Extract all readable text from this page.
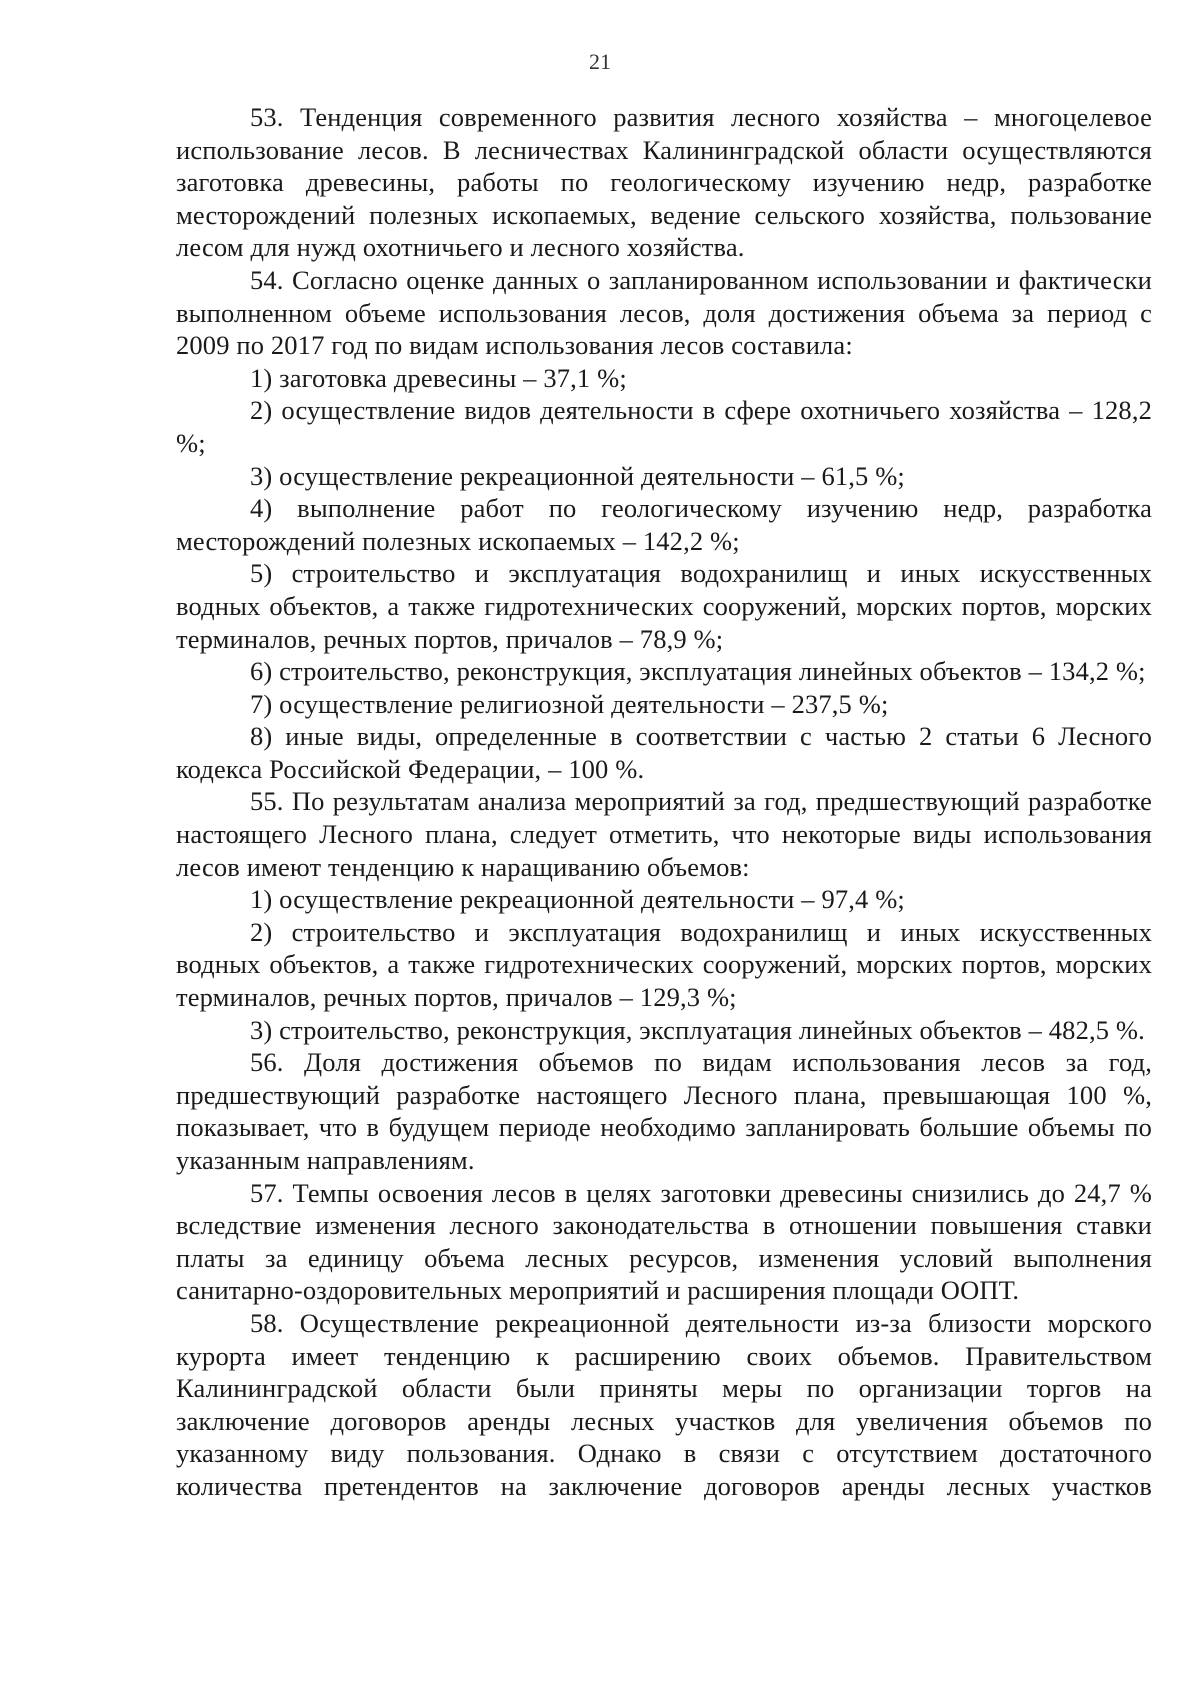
21

53. Тенденция современного развития лесного хозяйства – многоцелевое использование лесов. В лесничествах Калининградской области осуществляются заготовка древесины, работы по геологическому изучению недр, разработке месторождений полезных ископаемых, ведение сельского хозяйства, пользование лесом для нужд охотничьего и лесного хозяйства.

54. Согласно оценке данных о запланированном использовании и фактически выполненном объеме использования лесов, доля достижения объема за период с 2009 по 2017 год по видам использования лесов составила:

1) заготовка древесины – 37,1 %;

2) осуществление видов деятельности в сфере охотничьего хозяйства – 128,2 %;

3) осуществление рекреационной деятельности – 61,5 %;

4) выполнение работ по геологическому изучению недр, разработка месторождений полезных ископаемых – 142,2 %;

5) строительство и эксплуатация водохранилищ и иных искусственных водных объектов, а также гидротехнических сооружений, морских портов, морских терминалов, речных портов, причалов – 78,9 %;

6) строительство, реконструкция, эксплуатация линейных объектов – 134,2 %;

7) осуществление религиозной деятельности – 237,5 %;

8) иные виды, определенные в соответствии с частью 2 статьи 6 Лесного кодекса Российской Федерации, – 100 %.

55. По результатам анализа мероприятий за год, предшествующий разработке настоящего Лесного плана, следует отметить, что некоторые виды использования лесов имеют тенденцию к наращиванию объемов:

1) осуществление рекреационной деятельности – 97,4 %;

2) строительство и эксплуатация водохранилищ и иных искусственных водных объектов, а также гидротехнических сооружений, морских портов, морских терминалов, речных портов, причалов – 129,3 %;

3) строительство, реконструкция, эксплуатация линейных объектов – 482,5 %.

56. Доля достижения объемов по видам использования лесов за год, предшествующий разработке настоящего Лесного плана, превышающая 100 %, показывает, что в будущем периоде необходимо запланировать большие объемы по указанным направлениям.

57. Темпы освоения лесов в целях заготовки древесины снизились до 24,7 % вследствие изменения лесного законодательства в отношении повышения ставки платы за единицу объема лесных ресурсов, изменения условий выполнения санитарно-оздоровительных мероприятий и расширения площади ООПТ.

58. Осуществление рекреационной деятельности из-за близости морского курорта имеет тенденцию к расширению своих объемов. Правительством Калининградской области были приняты меры по организации торгов на заключение договоров аренды лесных участков для увеличения объемов по указанному виду пользования. Однако в связи с отсутствием достаточного количества претендентов на заключение договоров аренды лесных участков
